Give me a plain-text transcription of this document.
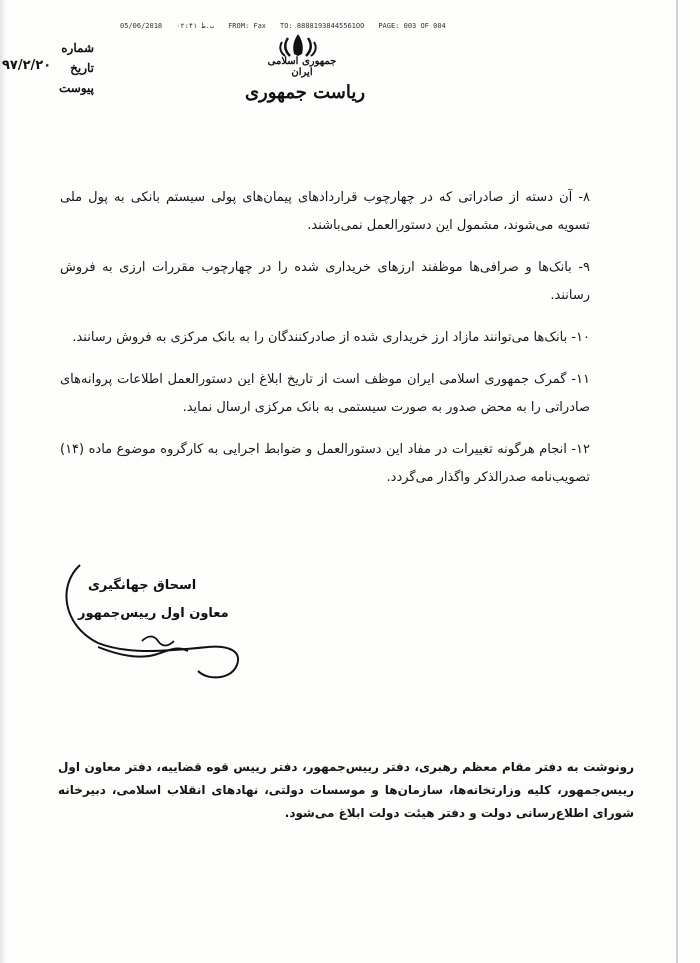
05/06/2018 ب.ظ ۰۲:۴۱ FROM: Fax TO: 88881938445561OO PAGE: 003 OF 004
جمهوری اسلامی ایران
ریاست جمهوری
شماره
تاریخ
پیوست
۹۷/۲/۲۰

۸- آن دسته از صادراتی که در چهارچوب قراردادهای پیمان‌های پولی سیستم بانکی به پول ملی تسویه می‌شوند، مشمول این دستورالعمل نمی‌باشند.

۹- بانک‌ها و صرافی‌ها موظفند ارزهای خریداری شده را در چهارچوب مقررات ارزی به فروش رسانند.

۱۰- بانک‌ها می‌توانند مازاد ارز خریداری شده از صادرکنندگان را به بانک مرکزی به فروش رسانند.

۱۱- گمرک جمهوری اسلامی ایران موظف است از تاریخ ابلاغ این دستورالعمل اطلاعات پروانه‌های صادراتی را به محض صدور به صورت سیستمی به بانک مرکزی ارسال نماید.

۱۲- انجام هرگونه تغییرات در مفاد این دستورالعمل و ضوابط اجرایی به کارگروه موضوع ماده (۱۴) تصویب‌نامه صدرالذکر واگذار می‌گردد.

اسحاق جهانگیری
معاون اول رییس‌جمهور
رونوشت به دفتر مقام معظم رهبری، دفتر رییس‌جمهور، دفتر رییس قوه قضاییه، دفتر معاون اول رییس‌جمهور، کلیه وزارتخانه‌ها، سازمان‌ها و موسسات دولتی، نهادهای انقلاب اسلامی، دبیرخانه شورای اطلاع‌رسانی دولت و دفتر هیئت دولت ابلاغ می‌شود.
